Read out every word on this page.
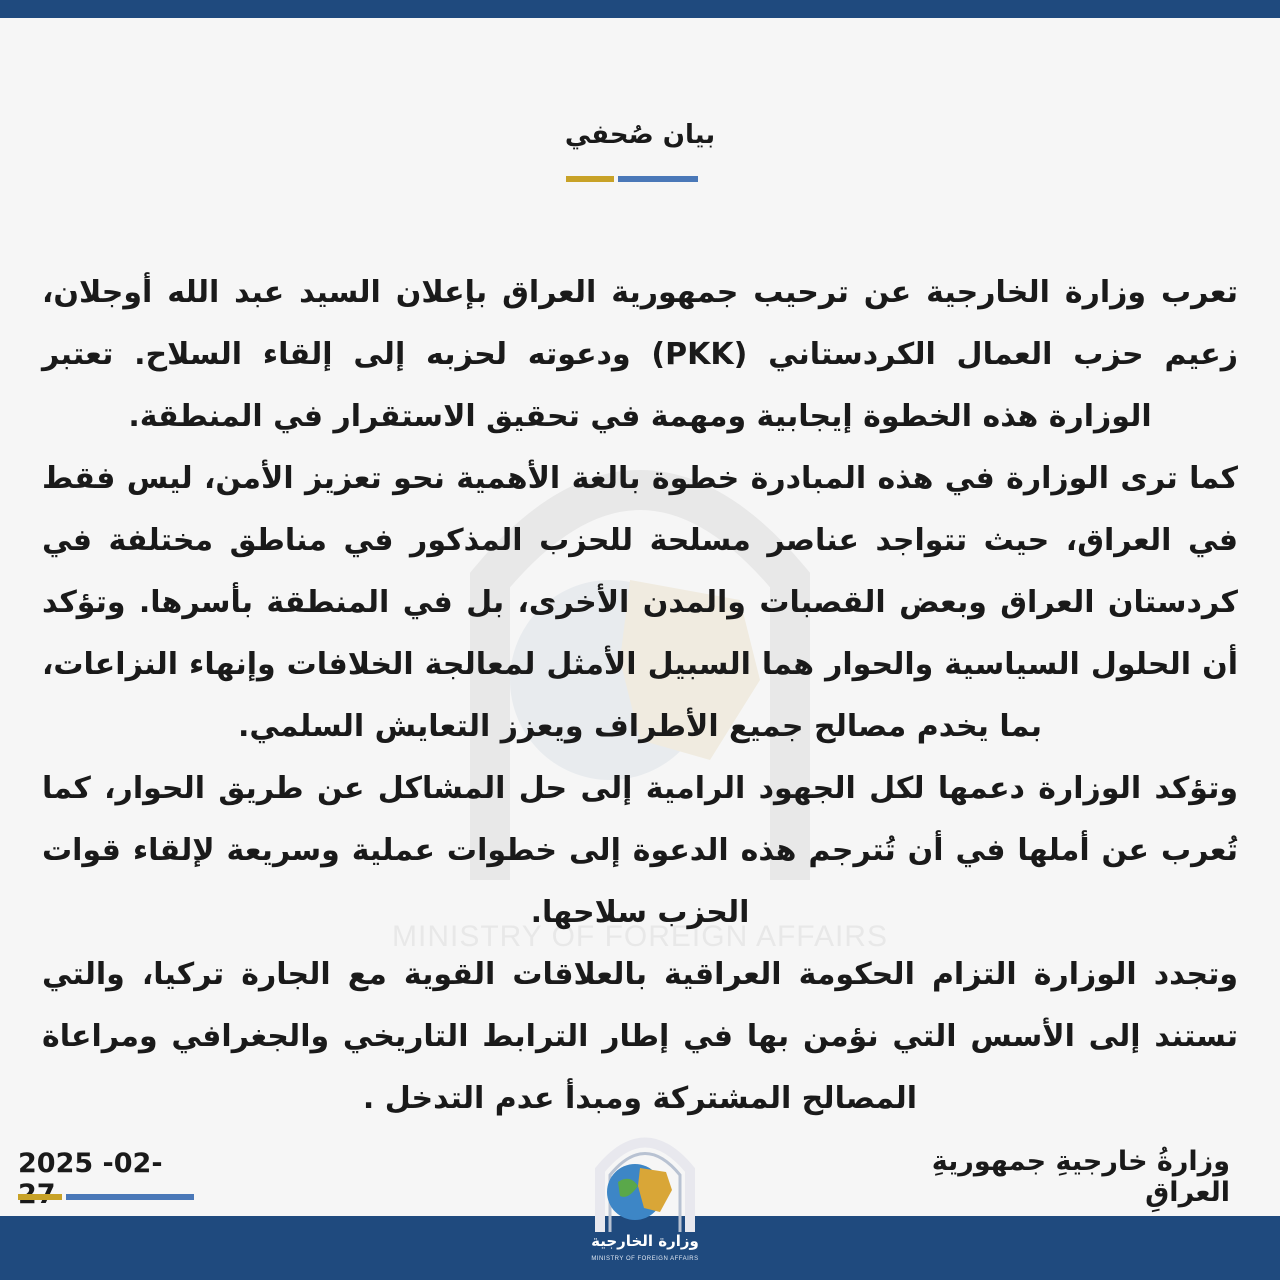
MINISTRY OF FOREIGN AFFAIRS
بيان صُحفي

تعرب وزارة الخارجية عن ترحيب جمهورية العراق بإعلان السيد عبد الله أوجلان، زعيم حزب العمال الكردستاني (PKK) ودعوته لحزبه إلى إلقاء السلاح. تعتبر الوزارة هذه الخطوة إيجابية ومهمة في تحقيق الاستقرار في المنطقة.

كما ترى الوزارة في هذه المبادرة خطوة بالغة الأهمية نحو تعزيز الأمن، ليس فقط في العراق، حيث تتواجد عناصر مسلحة للحزب المذكور في مناطق مختلفة في كردستان العراق وبعض القصبات والمدن الأخرى، بل في المنطقة بأسرها. وتؤكد أن الحلول السياسية والحوار هما السبيل الأمثل لمعالجة الخلافات وإنهاء النزاعات، بما يخدم مصالح جميع الأطراف ويعزز التعايش السلمي.

وتؤكد الوزارة دعمها لكل الجهود الرامية إلى حل المشاكل عن طريق الحوار، كما تُعرب عن أملها في أن تُترجم هذه الدعوة إلى خطوات عملية وسريعة لإلقاء قوات الحزب سلاحها.

وتجدد الوزارة التزام الحكومة العراقية بالعلاقات القوية مع الجارة تركيا، والتي تستند إلى الأسس التي نؤمن بها في إطار الترابط التاريخي والجغرافي ومراعاة المصالح المشتركة ومبدأ عدم التدخل .

وزارةُ خارجيةِ جمهوريةِ العراقِ
2025 -02-
وزارة الخارجية
MINISTRY OF FOREIGN AFFAIRS
